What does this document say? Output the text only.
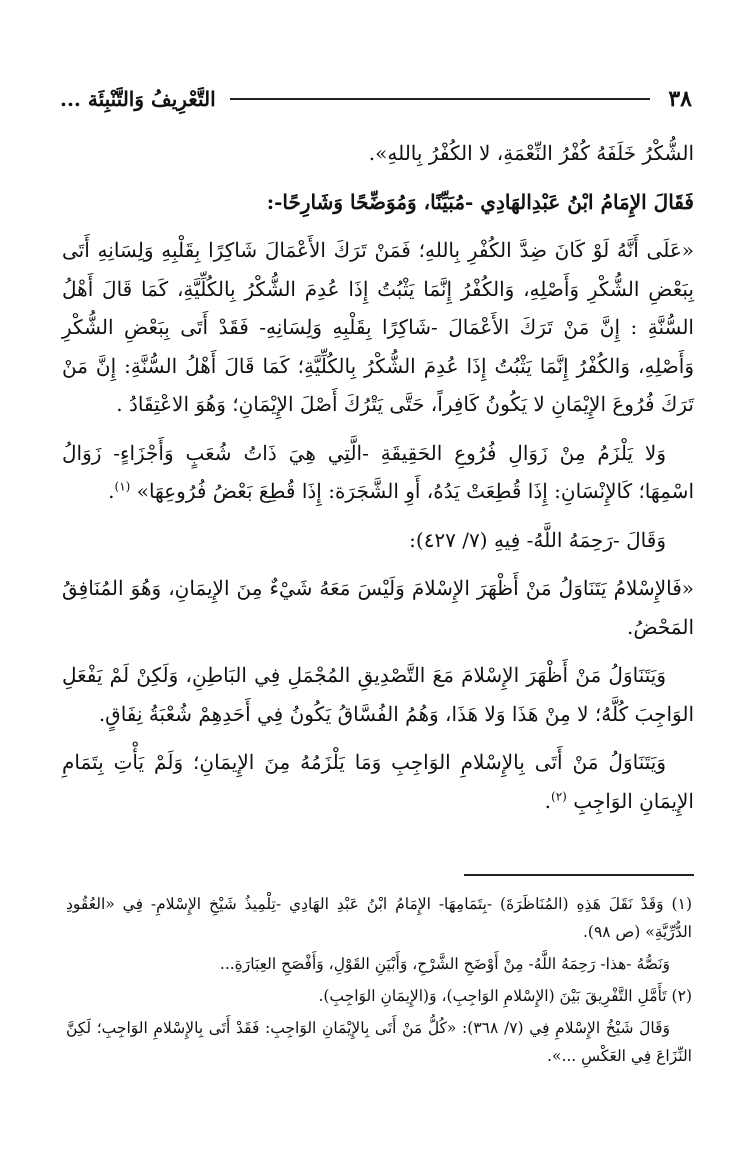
٣٨
التَّعْرِيفُ وَالتَّنْبِئَة ...

الشُّكْرُ خَلَفَهُ كُفْرُ النِّعْمَةِ، لا الكُفْرُ بِاللهِ».

فَقَالَ الإِمَامُ ابْنُ عَبْدِالهَادِي -مُبَيِّنًا، وَمُوَضِّحًا وَشَارِحًا-:

«عَلَى أَنَّهُ لَوْ كَانَ ضِدَّ الكُفْرِ بِاللهِ؛ فَمَنْ تَرَكَ الأَعْمَالَ شَاكِرًا بِقَلْبِهِ وَلِسَانِهِ أَتَى بِبَعْضِ الشُّكْرِ وَأَصْلِهِ، وَالكُفْرُ إِنَّمَا يَثْبُتُ إِذَا عُدِمَ الشُّكْرُ بِالكُلِّيَّةِ، كَمَا قَالَ أَهْلُ السُّنَّةِ : إِنَّ مَنْ تَرَكَ الأَعْمَالَ -شَاكِرًا بِقَلْبِهِ وَلِسَانِهِ- فَقَدْ أَتَى بِبَعْضِ الشُّكْرِ وَأَصْلِهِ، وَالكُفْرُ إِنَّمَا يَثْبُتُ إِذَا عُدِمَ الشُّكْرُ بِالكُلِّيَّةِ؛ كَمَا قَالَ أَهْلُ السُّنَّةِ: إِنَّ مَنْ تَرَكَ فُرُوعَ الإِيْمَانِ لا يَكُونُ كَافِراً، حَتَّى يَتْرُكَ أَصْلَ الإِيْمَانِ؛ وَهُوَ الاعْتِقَادُ .

وَلا يَلْزَمُ مِنْ زَوَالِ فُرُوعِ الحَقِيقَةِ -الَّتِي هِيَ ذَاتُ شُعَبٍ وَأَجْزَاءٍ- زَوَالُ اسْمِهَا؛ كَالإِنْسَانِ: إِذَا قُطِعَتْ يَدُهُ، أَوِ الشَّجَرَة: إِذَا قُطِعَ بَعْضُ فُرُوعِهَا» $^{(١)}$.

وَقَالَ -رَحِمَهُ اللَّهُ- فِيهِ (٧/ ٤٢٧):

«فَالإِسْلامُ يَتَنَاوَلُ مَنْ أَظْهَرَ الإِسْلامَ وَلَيْسَ مَعَهُ شَيْءٌ مِنَ الإِيمَانِ، وَهُوَ المُنَافِقُ المَحْضُ.

وَيَتَنَاوَلُ مَنْ أَظْهَرَ الإِسْلامَ مَعَ التَّصْدِيقِ المُجْمَلِ فِي البَاطِنِ، وَلَكِنْ لَمْ يَفْعَلِ الوَاجِبَ كُلَّهُ؛ لا مِنْ هَذَا وَلا هَذَا، وَهُمُ الفُسَّاقُ يَكُونُ فِي أَحَدِهِمْ شُعْبَةُ نِفَاقٍ.

وَيَتَنَاوَلُ مَنْ أَتَى بِالإِسْلامِ الوَاجِبِ وَمَا يَلْزَمُهُ مِنَ الإِيمَانِ؛ وَلَمْ يَأْتِ بِتَمَامِ الإِيمَانِ الوَاجِبِ $^{(٢)}$.

(١) وَقَدْ نَقَلَ هَذِهِ (المُنَاظَرَةَ) -بِتَمَامِهَا- الإِمَامُ ابْنُ عَبْدِ الهَادِي -تِلْمِيذُ شَيْخِ الإِسْلامِ- فِي «العُقُودِ الدُّرِّيَّةِ» (ص ٩٨).

وَنَصُّهُ -هذا- رَحِمَهُ اللَّهُ- مِنْ أَوْضَحِ الشَّرْحِ، وَأَبْيَنِ القَوْلِ، وَأَفْصَحِ العِبَارَةِ...

(٢) تَأَمَّلِ التَّفْرِيقَ بَيْنَ (الإِسْلامِ الوَاجِبِ)، وَ(الإِيمَانِ الوَاجِبِ).

وَقَالَ شَيْخُ الإِسْلامِ فِي (٧/ ٣٦٨): «كُلُّ مَنْ أَتَى بِالإِيْمَانِ الوَاجِبِ: فَقَدْ أَتَى بِالإِسْلامِ الوَاجِبِ؛ لَكِنَّ النِّزَاعَ فِي العَكْسِ ...».
